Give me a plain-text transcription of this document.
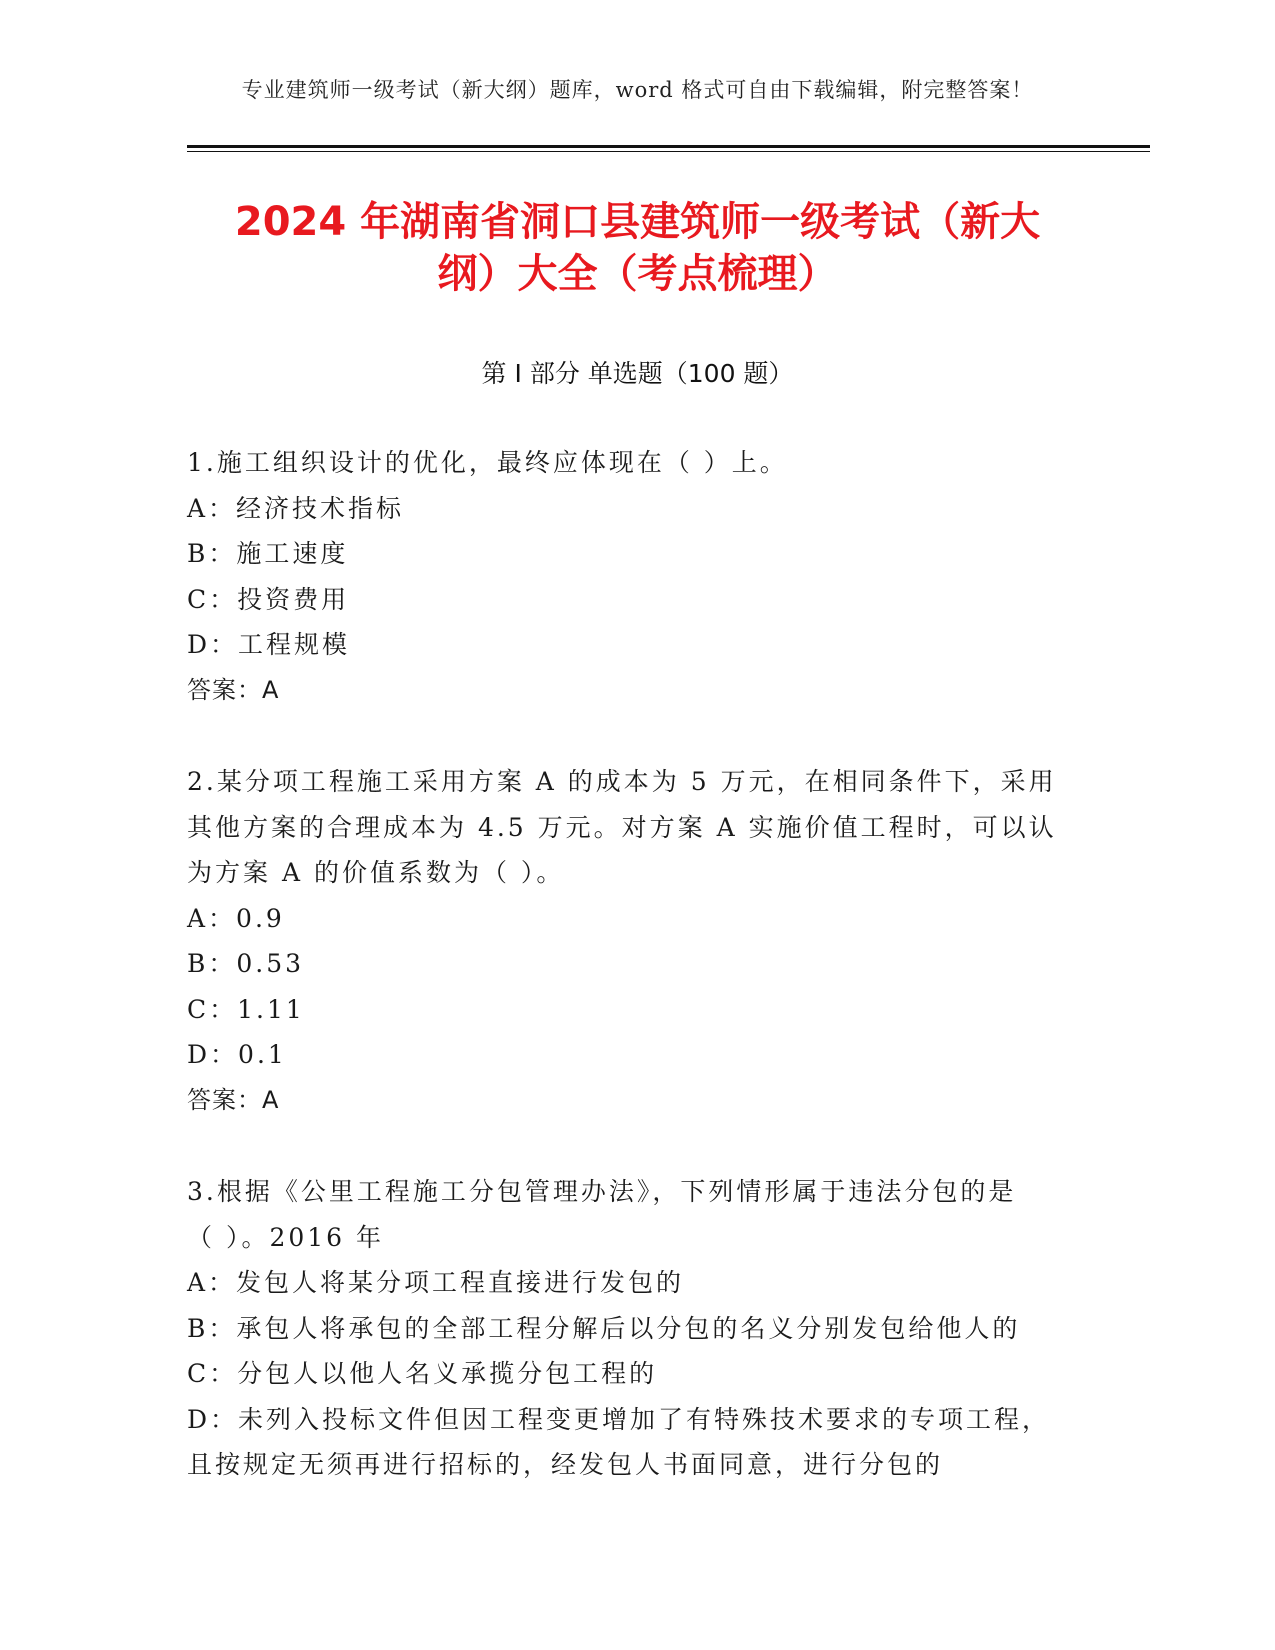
专业建筑师一级考试（新大纲）题库，word 格式可自由下载编辑，附完整答案！
2024 年湖南省洞口县建筑师一级考试（新大
纲）大全（考点梳理）
第 I 部分 单选题（100 题）
1.施工组织设计的优化，最终应体现在（ ）上。
A：经济技术指标
B：施工速度
C：投资费用
D：工程规模
答案：A
2.某分项工程施工采用方案 A 的成本为 5 万元，在相同条件下，采用
其他方案的合理成本为 4.5 万元。对方案 A 实施价值工程时，可以认
为方案 A 的价值系数为（ ）。
A：0.9
B：0.53
C：1.11
D：0.1
答案：A
3.根据《公里工程施工分包管理办法》，下列情形属于违法分包的是
（ ）。2016 年
A：发包人将某分项工程直接进行发包的
B：承包人将承包的全部工程分解后以分包的名义分别发包给他人的
C：分包人以他人名义承揽分包工程的
D：未列入投标文件但因工程变更增加了有特殊技术要求的专项工程，
且按规定无须再进行招标的，经发包人书面同意，进行分包的
